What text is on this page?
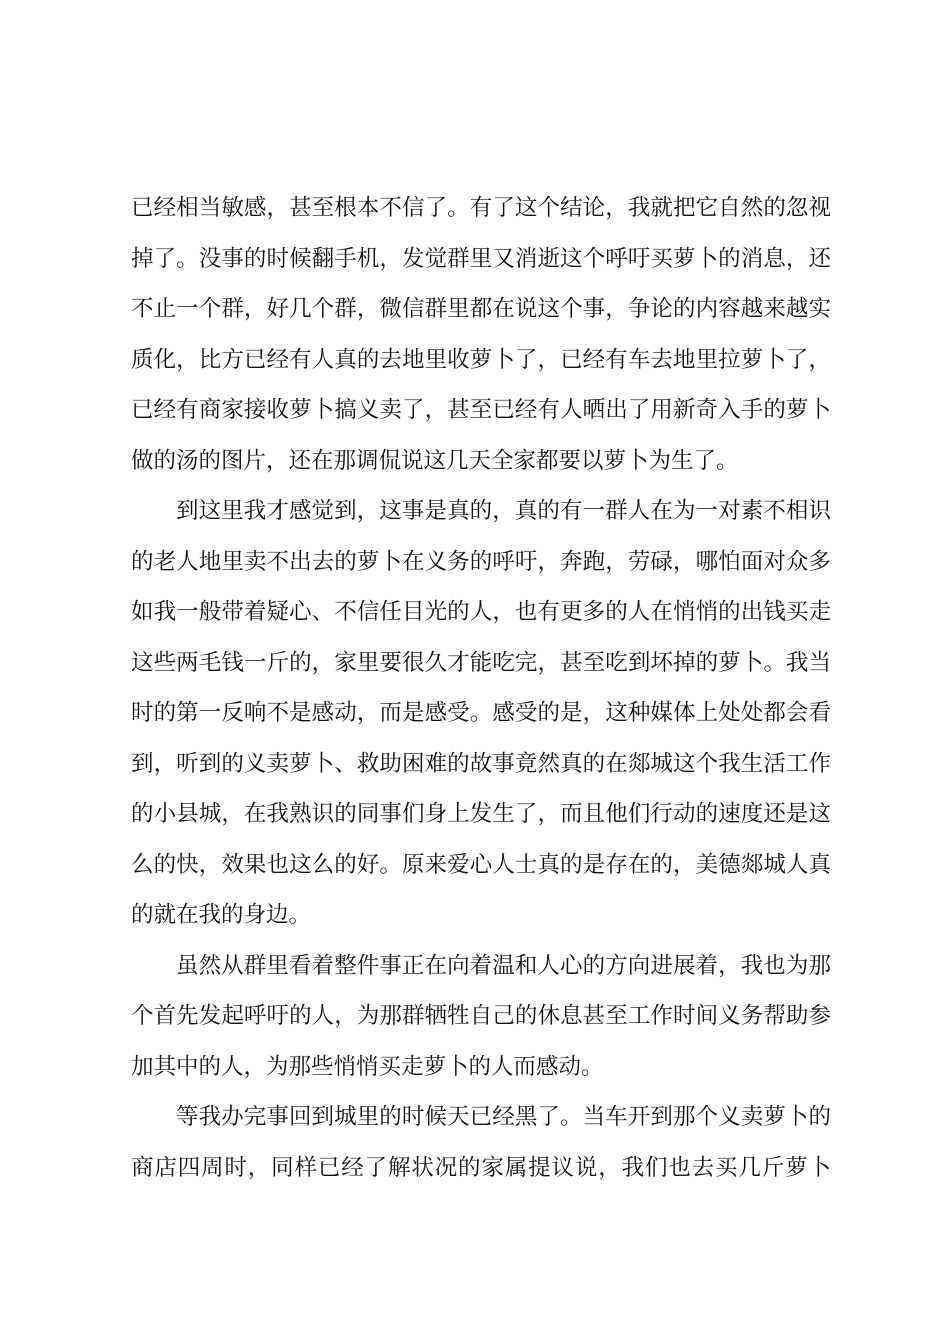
已经相当敏感，甚至根本不信了。有了这个结论，我就把它自然的忽视
掉了。没事的时候翻手机，发觉群里又消逝这个呼吁买萝卜的消息，还
不止一个群，好几个群，微信群里都在说这个事，争论的内容越来越实
质化，比方已经有人真的去地里收萝卜了，已经有车去地里拉萝卜了，
已经有商家接收萝卜搞义卖了，甚至已经有人晒出了用新奇入手的萝卜
做的汤的图片，还在那调侃说这几天全家都要以萝卜为生了。
到这里我才感觉到，这事是真的，真的有一群人在为一对素不相识
的老人地里卖不出去的萝卜在义务的呼吁，奔跑，劳碌，哪怕面对众多
如我一般带着疑心、不信任目光的人，也有更多的人在悄悄的出钱买走
这些两毛钱一斤的，家里要很久才能吃完，甚至吃到坏掉的萝卜。我当
时的第一反响不是感动，而是感受。感受的是，这种媒体上处处都会看
到，听到的义卖萝卜、救助困难的故事竟然真的在郯城这个我生活工作
的小县城，在我熟识的同事们身上发生了，而且他们行动的速度还是这
么的快，效果也这么的好。原来爱心人士真的是存在的，美德郯城人真
的就在我的身边。
虽然从群里看着整件事正在向着温和人心的方向进展着，我也为那
个首先发起呼吁的人，为那群牺牲自己的休息甚至工作时间义务帮助参
加其中的人，为那些悄悄买走萝卜的人而感动。
等我办完事回到城里的时候天已经黑了。当车开到那个义卖萝卜的
商店四周时，同样已经了解状况的家属提议说，我们也去买几斤萝卜
